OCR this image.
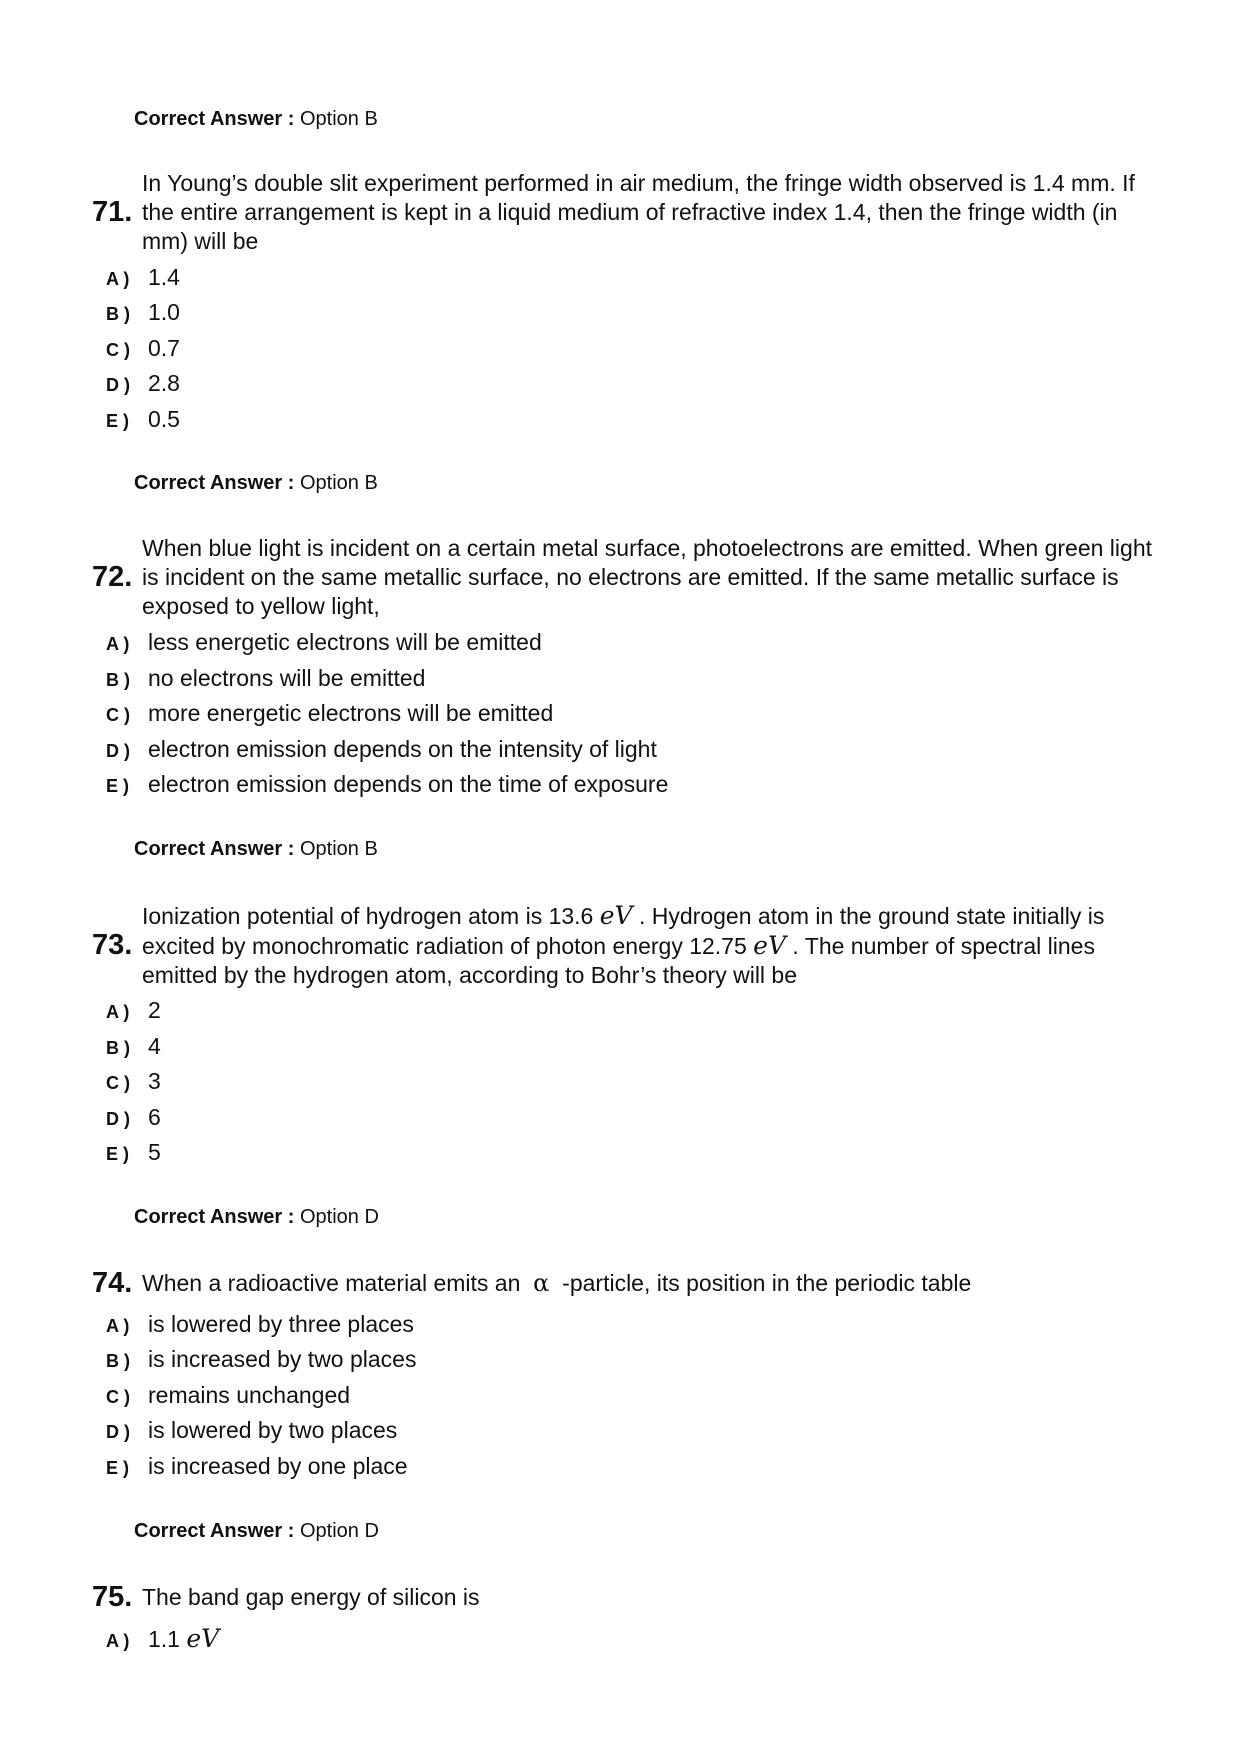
Correct Answer : Option B
71.
In Young’s double slit experiment performed in air medium, the fringe width observed is 1.4 mm. If the entire arrangement is kept in a liquid medium of refractive index 1.4, then the fringe width (in mm) will be
A ) 1.4
B ) 1.0
C ) 0.7
D ) 2.8
E ) 0.5
Correct Answer : Option B
72.
When blue light is incident on a certain metal surface, photoelectrons are emitted. When green light is incident on the same metallic surface, no electrons are emitted. If the same metallic surface is exposed to yellow light,
A ) less energetic electrons will be emitted
B ) no electrons will be emitted
C ) more energetic electrons will be emitted
D ) electron emission depends on the intensity of light
E ) electron emission depends on the time of exposure
Correct Answer : Option B
73.
Ionization potential of hydrogen atom is 13.6 eV . Hydrogen atom in the ground state initially is excited by monochromatic radiation of photon energy 12.75 eV . The number of spectral lines emitted by the hydrogen atom, according to Bohr’s theory will be
A ) 2
B ) 4
C ) 3
D ) 6
E ) 5
Correct Answer : Option D
74. When a radioactive material emits an α -particle, its position in the periodic table
A ) is lowered by three places
B ) is increased by two places
C ) remains unchanged
D ) is lowered by two places
E ) is increased by one place
Correct Answer : Option D
75. The band gap energy of silicon is
A ) 1.1 eV
